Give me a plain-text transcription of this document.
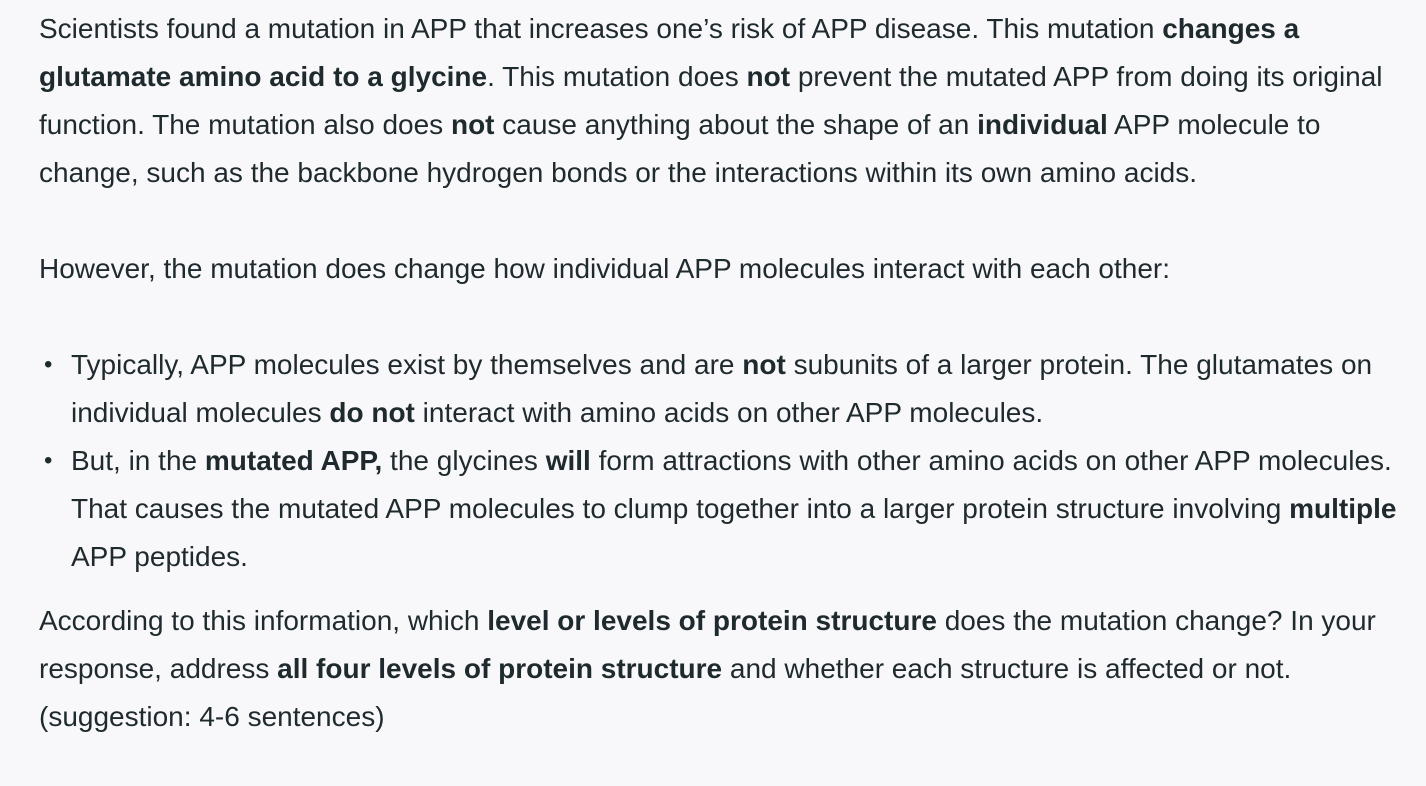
Scientists found a mutation in APP that increases one’s risk of APP disease. This mutation changes a glutamate amino acid to a glycine. This mutation does not prevent the mutated APP from doing its original function. The mutation also does not cause anything about the shape of an individual APP molecule to change, such as the backbone hydrogen bonds or the interactions within its own amino acids.

However, the mutation does change how individual APP molecules interact with each other:

• Typically, APP molecules exist by themselves and are not subunits of a larger protein. The glutamates on individual molecules do not interact with amino acids on other APP molecules.
• But, in the mutated APP, the glycines will form attractions with other amino acids on other APP molecules. That causes the mutated APP molecules to clump together into a larger protein structure involving multiple APP peptides.

According to this information, which level or levels of protein structure does the mutation change? In your response, address all four levels of protein structure and whether each structure is affected or not. (suggestion: 4-6 sentences)
